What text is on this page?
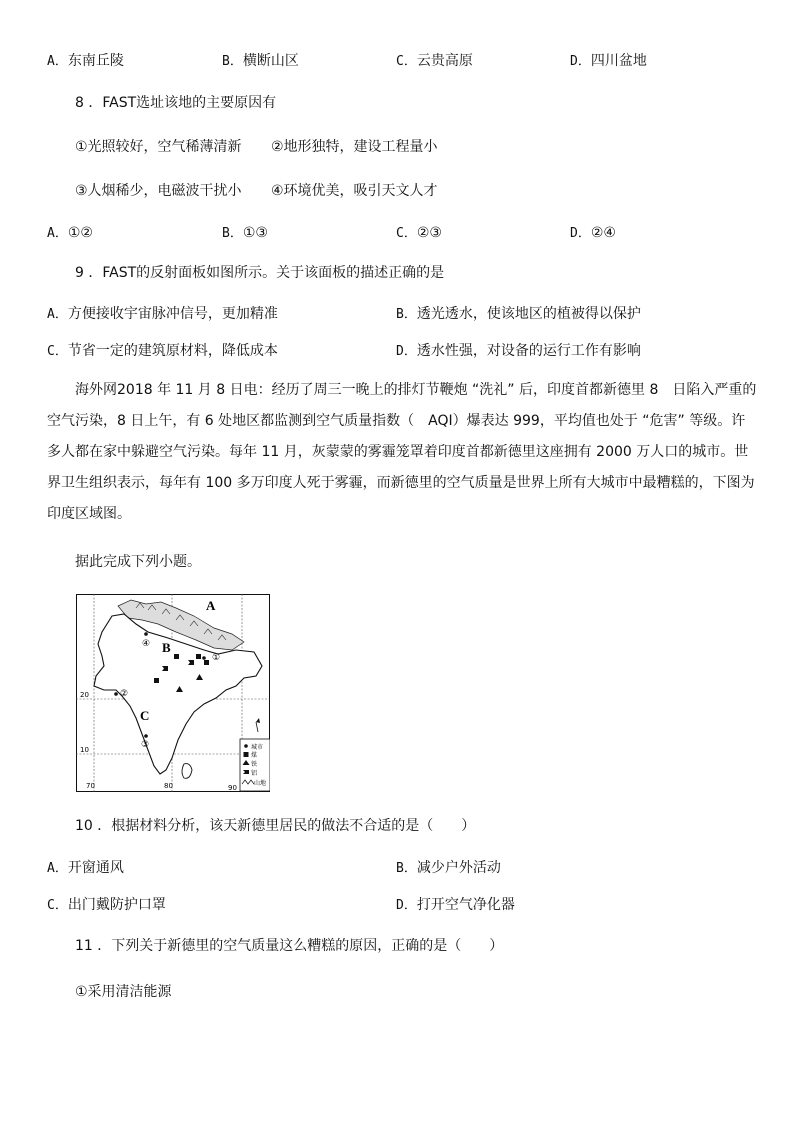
A．东南丘陵	B．横断山区	C．云贵高原	D．四川盆地
8 ．FAST选址该地的主要原因有
①光照较好，空气稀薄清新 ②地形独特，建设工程量小
③人烟稀少，电磁波干扰小 ④环境优美，吸引天文人才
A．①②	B．①③	C．②③	D．②④
9 ．FAST的反射面板如图所示。关于该面板的描述正确的是
A．方便接收宇宙脉冲信号，更加精准	B．透光透水，使该地区的植被得以保护
C．节省一定的建筑原材料，降低成本	D．透水性强，对设备的运行工作有影响

海外网2018 年 11 月 8 日电：经历了周三一晚上的排灯节鞭炮 “洗礼” 后，印度首都新德里 8　日陷入严重的空气污染，8 日上午，有 6 处地区都监测到空气质量指数（　AQI）爆表达 999，平均值也处于 “危害” 等级。许多人都在家中躲避空气污染。每年 11 月，灰蒙蒙的雾霾笼罩着印度首都新德里这座拥有 2000 万人口的城市。世界卫生组织表示，每年有 100 多万印度人死于雾霾，而新德里的空气质量是世界上所有大城市中最糟糕的，下图为印度区域图。

据此完成下列小题。
A
B
C
④
②
③
①
20
10
70	80	90
城市
煤
铁
铝
山地
10 ．根据材料分析，该天新德里居民的做法不合适的是（　　）
A．开窗通风	B．减少户外活动
C．出门戴防护口罩	D．打开空气净化器
11 ．下列关于新德里的空气质量这么糟糕的原因，正确的是（　　）
①采用清洁能源
